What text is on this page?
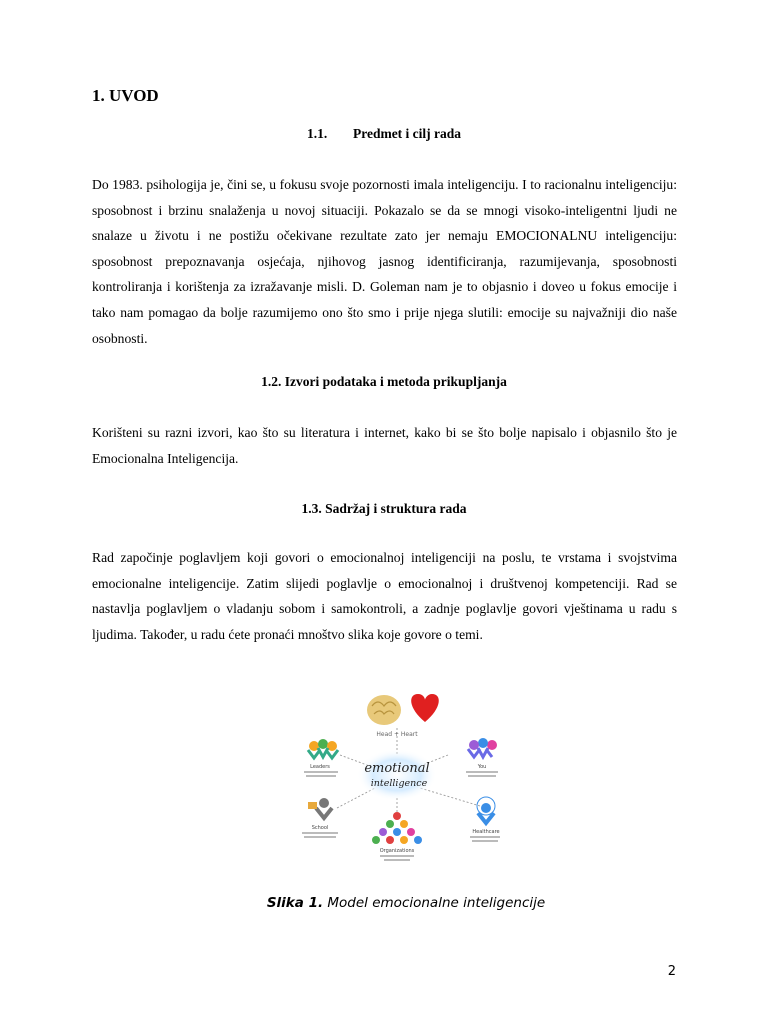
1. UVOD
1.1. Predmet i cilj rada

Do 1983. psihologija je, čini se, u fokusu svoje pozornosti imala inteligenciju. I to racionalnu inteligenciju: sposobnost i brzinu snalaženja u novoj situaciji. Pokazalo se da se mnogi visoko-inteligentni ljudi ne snalaze u životu i ne postižu očekivane rezultate zato jer nemaju EMOCIONALNU inteligenciju: sposobnost prepoznavanja osjećaja, njihovog jasnog identificiranja, razumijevanja, sposobnosti kontroliranja i korištenja za izražavanje misli. D. Goleman nam je to objasnio i doveo u fokus emocije i tako nam pomagao da bolje razumijemo ono što smo i prije njega slutili: emocije su najvažniji dio naše osobnosti.

1.2. Izvori podataka i metoda prikupljanja

Korišteni su razni izvori, kao što su literatura i internet, kako bi se što bolje napisalo i objasnilo što je Emocionalna Inteligencija.

1.3. Sadržaj i struktura rada

Rad započinje poglavljem koji govori o emocionalnoj inteligenciji na poslu, te vrstama i svojstvima emocionalne inteligencije. Zatim slijedi poglavlje o emocionalnoj i društvenoj kompetenciji. Rad se nastavlja poglavljem o vladanju sobom i samokontroli, a zadnje poglavlje govori vještinama u radu s ljudima. Također, u radu ćete pronaći mnoštvo slika koje govore o temi.

Head + Heart
emotional
intelligence
Leaders	You
School
Healthcare
Organizations
Slika 1. Model emocionalne inteligencije
2
